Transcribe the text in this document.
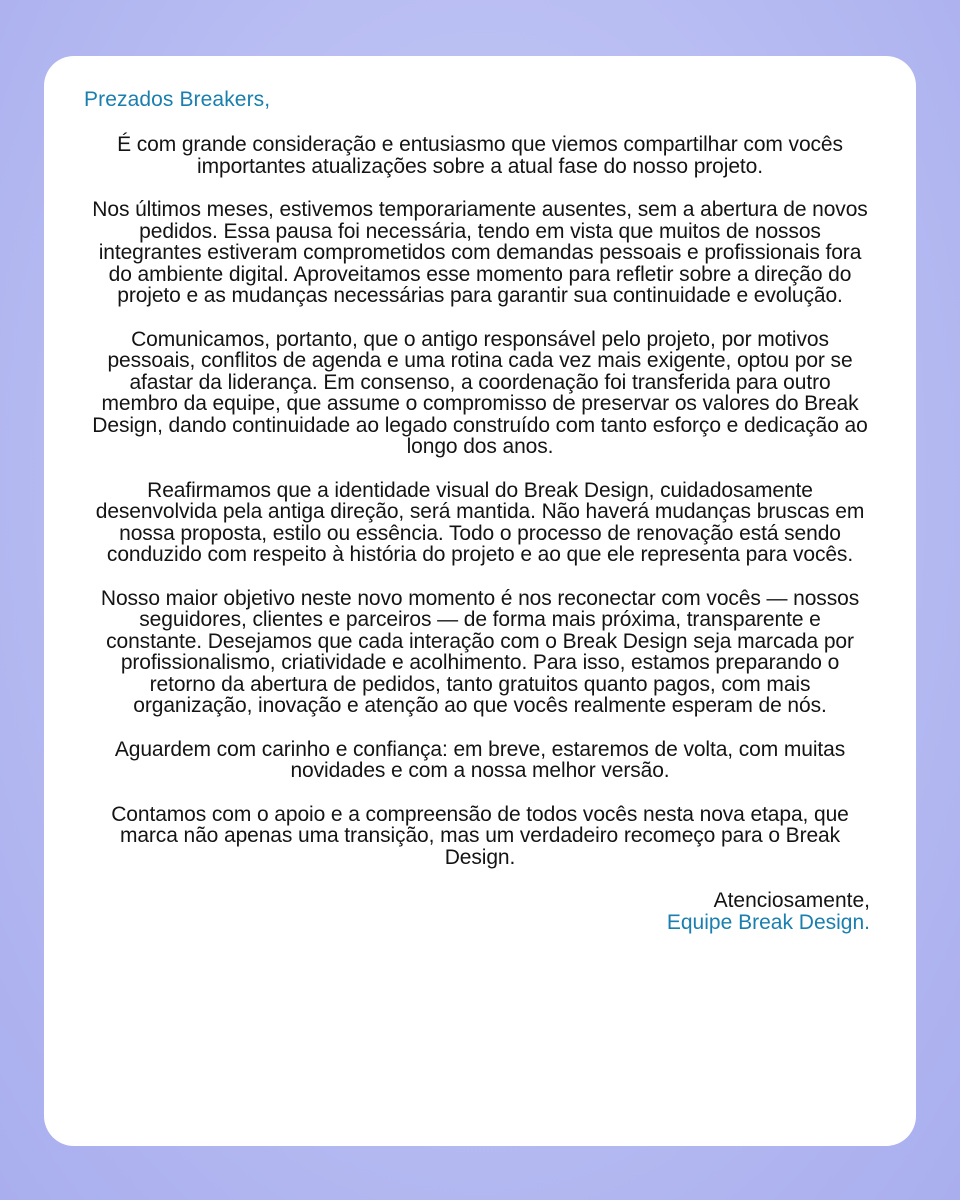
Prezados Breakers,

É com grande consideração e entusiasmo que viemos compartilhar com vocês importantes atualizações sobre a atual fase do nosso projeto.

Nos últimos meses, estivemos temporariamente ausentes, sem a abertura de novos pedidos. Essa pausa foi necessária, tendo em vista que muitos de nossos integrantes estiveram comprometidos com demandas pessoais e profissionais fora do ambiente digital. Aproveitamos esse momento para refletir sobre a direção do projeto e as mudanças necessárias para garantir sua continuidade e evolução.

Comunicamos, portanto, que o antigo responsável pelo projeto, por motivos pessoais, conflitos de agenda e uma rotina cada vez mais exigente, optou por se afastar da liderança. Em consenso, a coordenação foi transferida para outro membro da equipe, que assume o compromisso de preservar os valores do Break Design, dando continuidade ao legado construído com tanto esforço e dedicação ao longo dos anos.

Reafirmamos que a identidade visual do Break Design, cuidadosamente desenvolvida pela antiga direção, será mantida. Não haverá mudanças bruscas em nossa proposta, estilo ou essência. Todo o processo de renovação está sendo conduzido com respeito à história do projeto e ao que ele representa para vocês.

Nosso maior objetivo neste novo momento é nos reconectar com vocês — nossos seguidores, clientes e parceiros — de forma mais próxima, transparente e constante. Desejamos que cada interação com o Break Design seja marcada por profissionalismo, criatividade e acolhimento. Para isso, estamos preparando o retorno da abertura de pedidos, tanto gratuitos quanto pagos, com mais organização, inovação e atenção ao que vocês realmente esperam de nós.

Aguardem com carinho e confiança: em breve, estaremos de volta, com muitas novidades e com a nossa melhor versão.

Contamos com o apoio e a compreensão de todos vocês nesta nova etapa, que marca não apenas uma transição, mas um verdadeiro recomeço para o Break Design.

Atenciosamente,
Equipe Break Design.
